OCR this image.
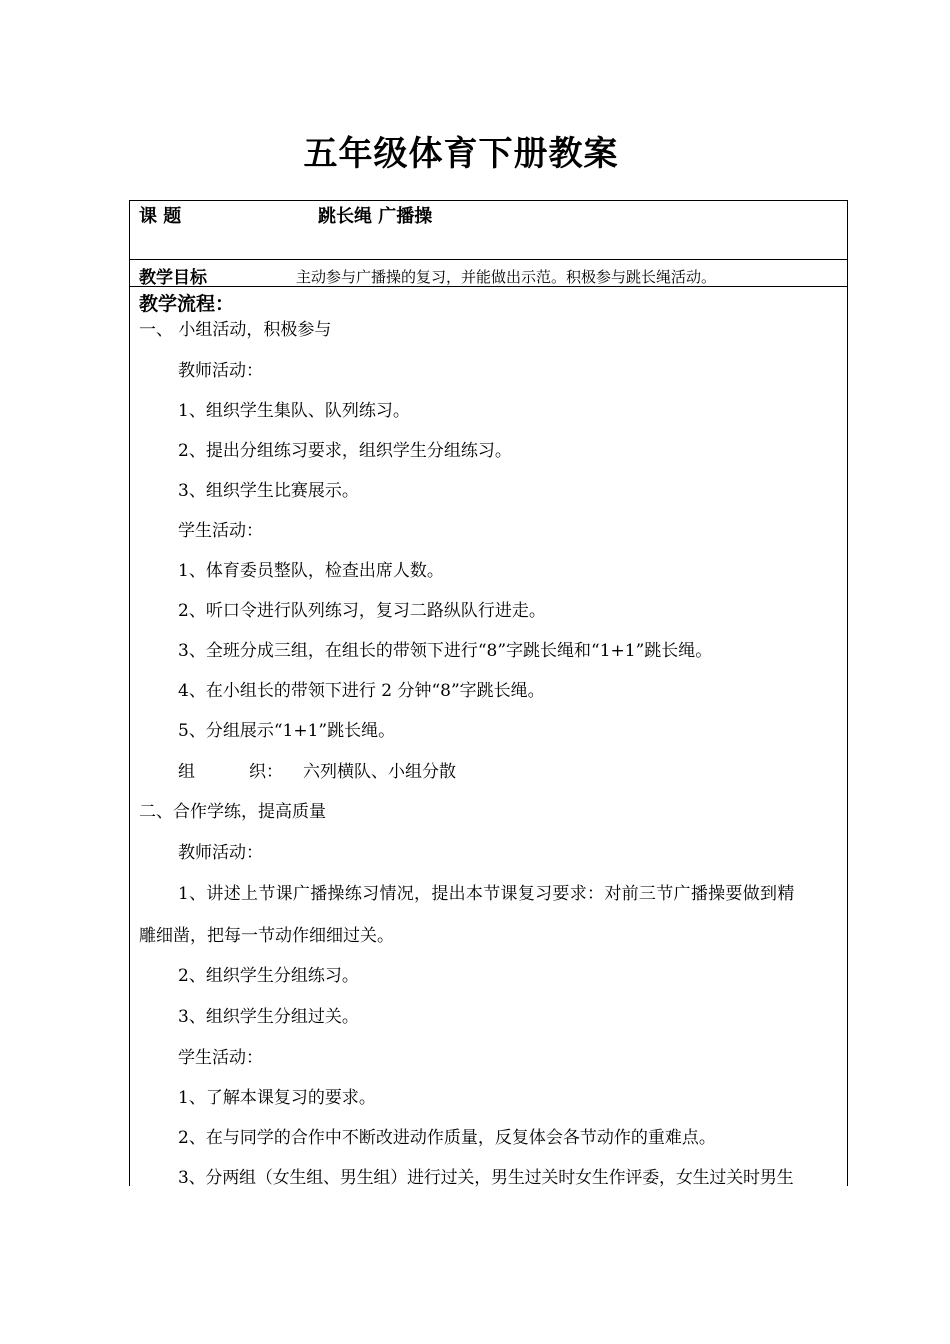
五年级体育下册教案
课 题	跳长绳 广播操
教学目标	主动参与广播操的复习，并能做出示范。积极参与跳长绳活动。
教学流程：
一、 小组活动，积极参与
教师活动：
1、组织学生集队、队列练习。
2、提出分组练习要求，组织学生分组练习。
3、组织学生比赛展示。
学生活动：
1、体育委员整队，检查出席人数。
2、听口令进行队列练习，复习二路纵队行进走。
3、全班分成三组，在组长的带领下进行“8”字跳长绳和“1+1”跳长绳。
4、在小组长的带领下进行 2 分钟“8”字跳长绳。
5、分组展示“1+1”跳长绳。
组          织： 六列横队、小组分散
二、合作学练，提高质量
教师活动：
1、讲述上节课广播操练习情况，提出本节课复习要求：对前三节广播操要做到精
雕细凿，把每一节动作细细过关。
2、组织学生分组练习。
3、组织学生分组过关。
学生活动：
1、了解本课复习的要求。
2、在与同学的合作中不断改进动作质量，反复体会各节动作的重难点。
3、分两组（女生组、男生组）进行过关，男生过关时女生作评委，女生过关时男生
